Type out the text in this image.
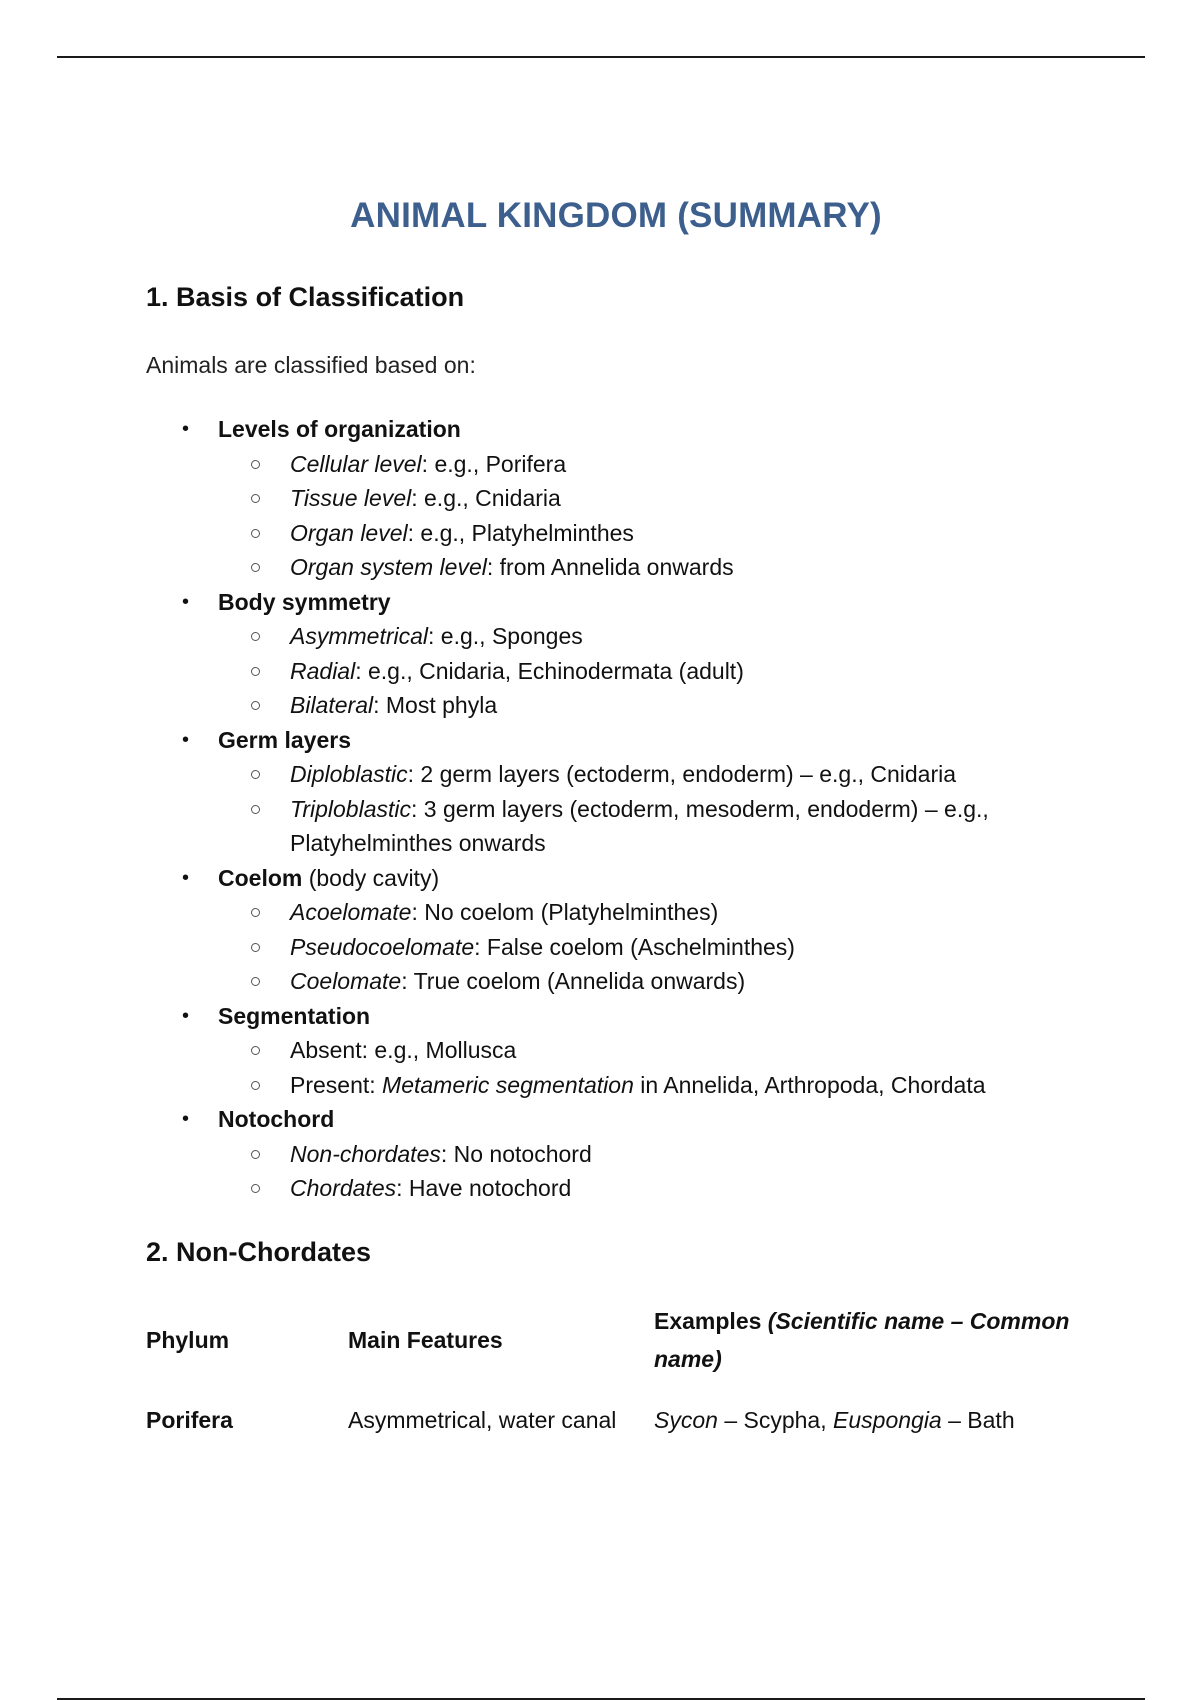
ANIMAL KINGDOM (SUMMARY)
1. Basis of Classification
Animals are classified based on:
• Levels of organization
Cellular level: e.g., Porifera
Tissue level: e.g., Cnidaria
Organ level: e.g., Platyhelminthes
Organ system level: from Annelida onwards
• Body symmetry
Asymmetrical: e.g., Sponges
Radial: e.g., Cnidaria, Echinodermata (adult)
Bilateral: Most phyla
• Germ layers
Diploblastic: 2 germ layers (ectoderm, endoderm) – e.g., Cnidaria
Triploblastic: 3 germ layers (ectoderm, mesoderm, endoderm) – e.g., Platyhelminthes onwards
• Coelom (body cavity)
Acoelomate: No coelom (Platyhelminthes)
Pseudocoelomate: False coelom (Aschelminthes)
Coelomate: True coelom (Annelida onwards)
• Segmentation
Absent: e.g., Mollusca
Present: Metameric segmentation in Annelida, Arthropoda, Chordata
• Notochord
Non-chordates: No notochord
Chordates: Have notochord
2. Non-Chordates
Phylum	Main Features	Examples (Scientific name – Common name)
Porifera	Asymmetrical, water canal	Sycon – Scypha, Euspongia – Bath
